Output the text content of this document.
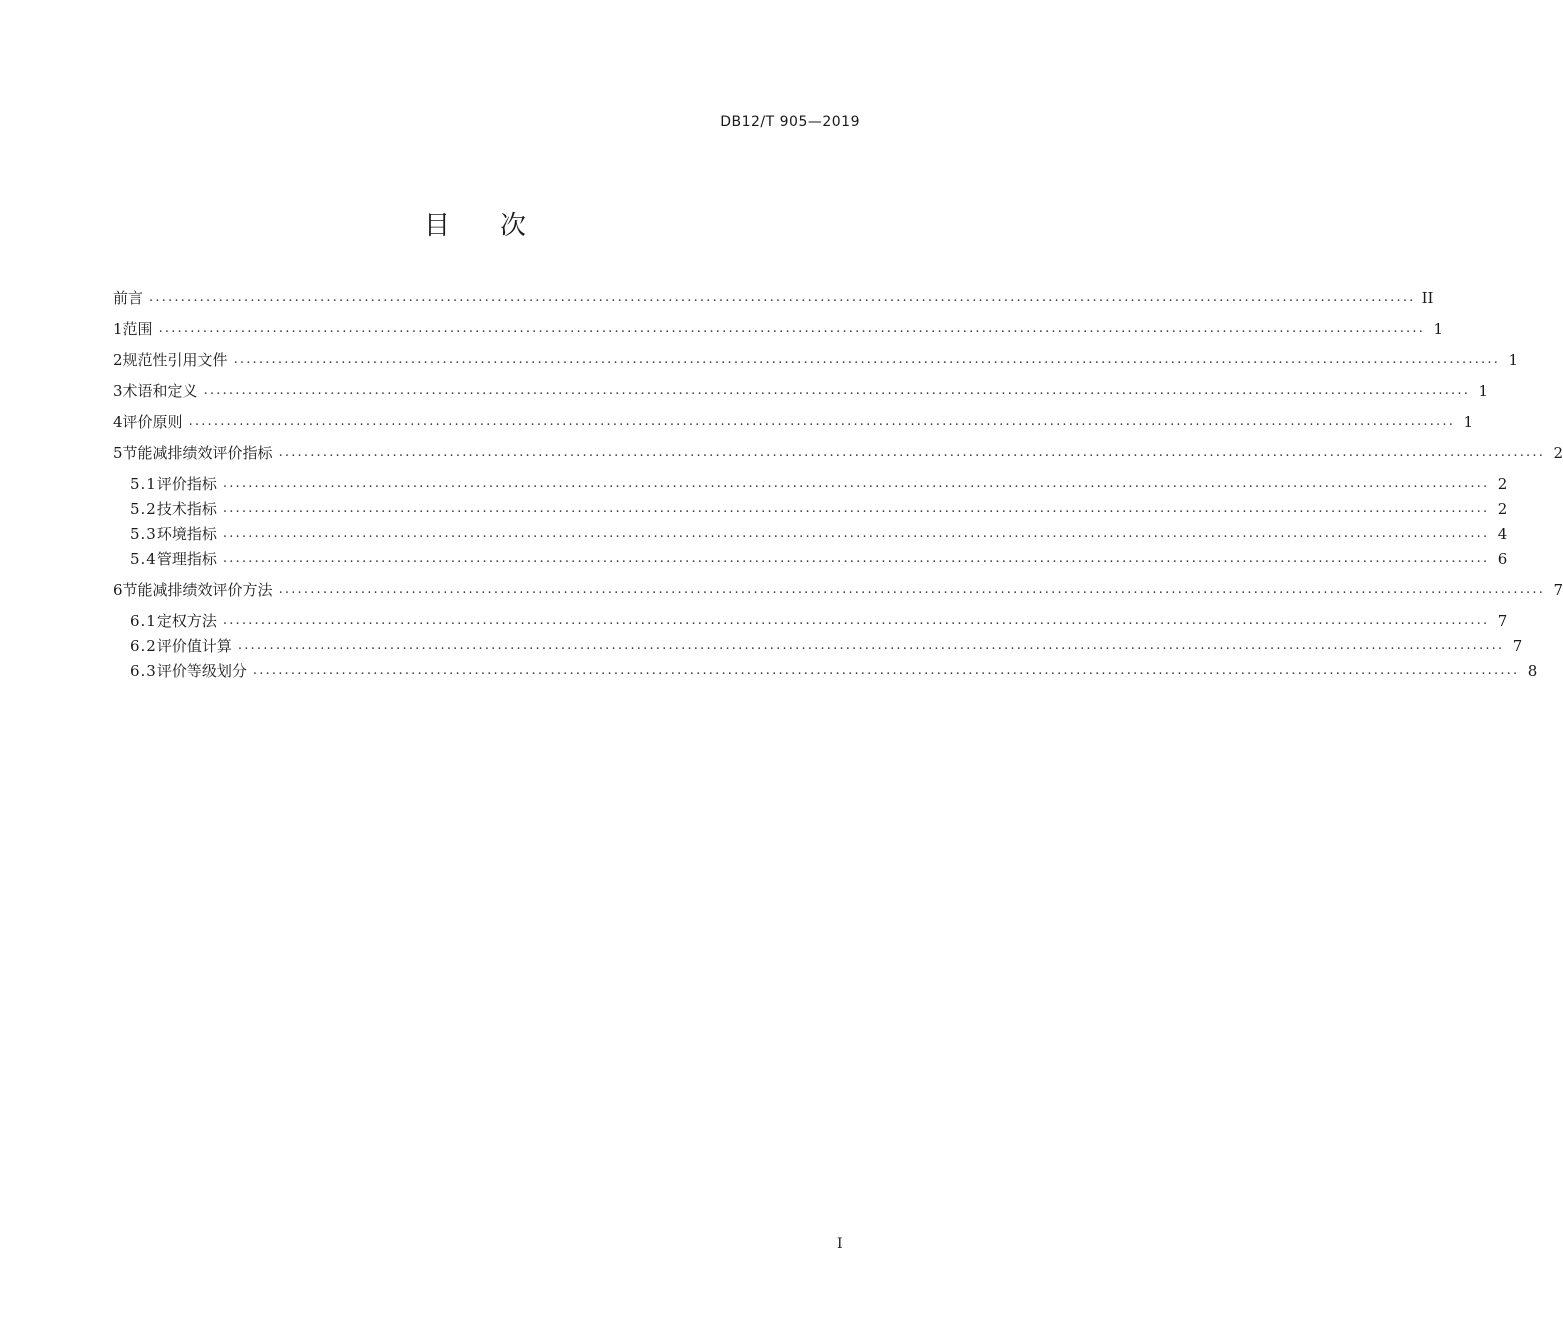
DB12/T 905—2019
目次
前言 ........................................................................................................................................................................................................ II
1 范围 ........................................................................................................................................................................................................ 1
2 规范性引用文件 ........................................................................................................................................................................................................ 1
3 术语和定义 ........................................................................................................................................................................................................ 1
4 评价原则 ........................................................................................................................................................................................................ 1
5 节能减排绩效评价指标 ........................................................................................................................................................................................................ 2
5.1 评价指标 ........................................................................................................................................................................................................ 2
5.2 技术指标 ........................................................................................................................................................................................................ 2
5.3 环境指标 ........................................................................................................................................................................................................ 4
5.4 管理指标 ........................................................................................................................................................................................................ 6
6 节能减排绩效评价方法 ........................................................................................................................................................................................................ 7
6.1 定权方法 ........................................................................................................................................................................................................ 7
6.2 评价值计算 ........................................................................................................................................................................................................ 7
6.3 评价等级划分 ........................................................................................................................................................................................................ 8
I
